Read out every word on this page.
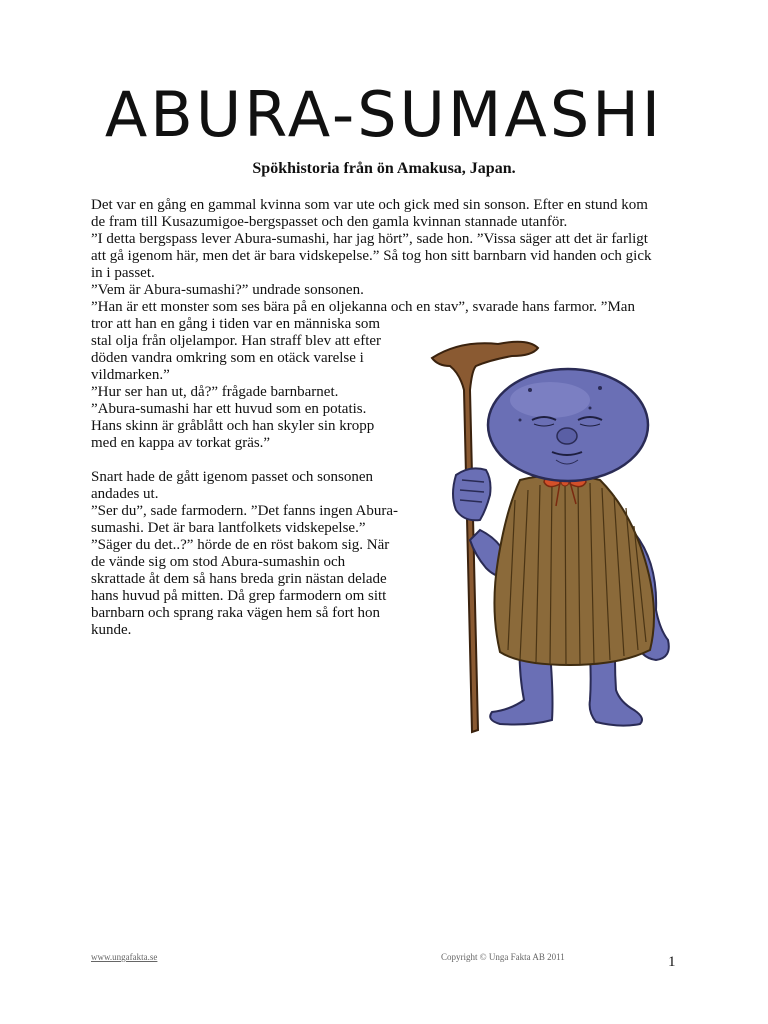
ABURA-SUMASHI
Spökhistoria från ön Amakusa, Japan.

Det var en gång en gammal kvinna som var ute och gick med sin sonson. Efter en stund kom

de fram till Kusazumigoe-bergspasset och den gamla kvinnan stannade utanför.

”I detta bergspass lever Abura-sumashi, har jag hört”, sade hon. ”Vissa säger att det är farligt

att gå igenom här, men det är bara vidskepelse.” Så tog hon sitt barnbarn vid handen och gick

in i passet.

”Vem är Abura-sumashi?” undrade sonsonen.

”Han är ett monster som ses bära på en oljekanna och en stav”, svarade hans farmor. ”Man

tror att han en gång i tiden var en människa som

stal olja från oljelampor. Han straff blev att efter

döden vandra omkring som en otäck varelse i

vildmarken.”

”Hur ser han ut, då?” frågade barnbarnet.

”Abura-sumashi har ett huvud som en potatis.

Hans skinn är gråblått och han skyler sin kropp

med en kappa av torkat gräs.”

Snart hade de gått igenom passet och sonsonen

andades ut.

”Ser du”, sade farmodern. ”Det fanns ingen Abura-

sumashi. Det är bara lantfolkets vidskepelse.”

”Säger du det..?” hörde de en röst bakom sig. När

de vände sig om stod Abura-sumashin och

skrattade åt dem så hans breda grin nästan delade

hans huvud på mitten. Då grep farmodern om sitt

barnbarn och sprang raka vägen hem så fort hon

kunde.

www.ungafakta.se	Copyright © Unga Fakta AB 2011	1
